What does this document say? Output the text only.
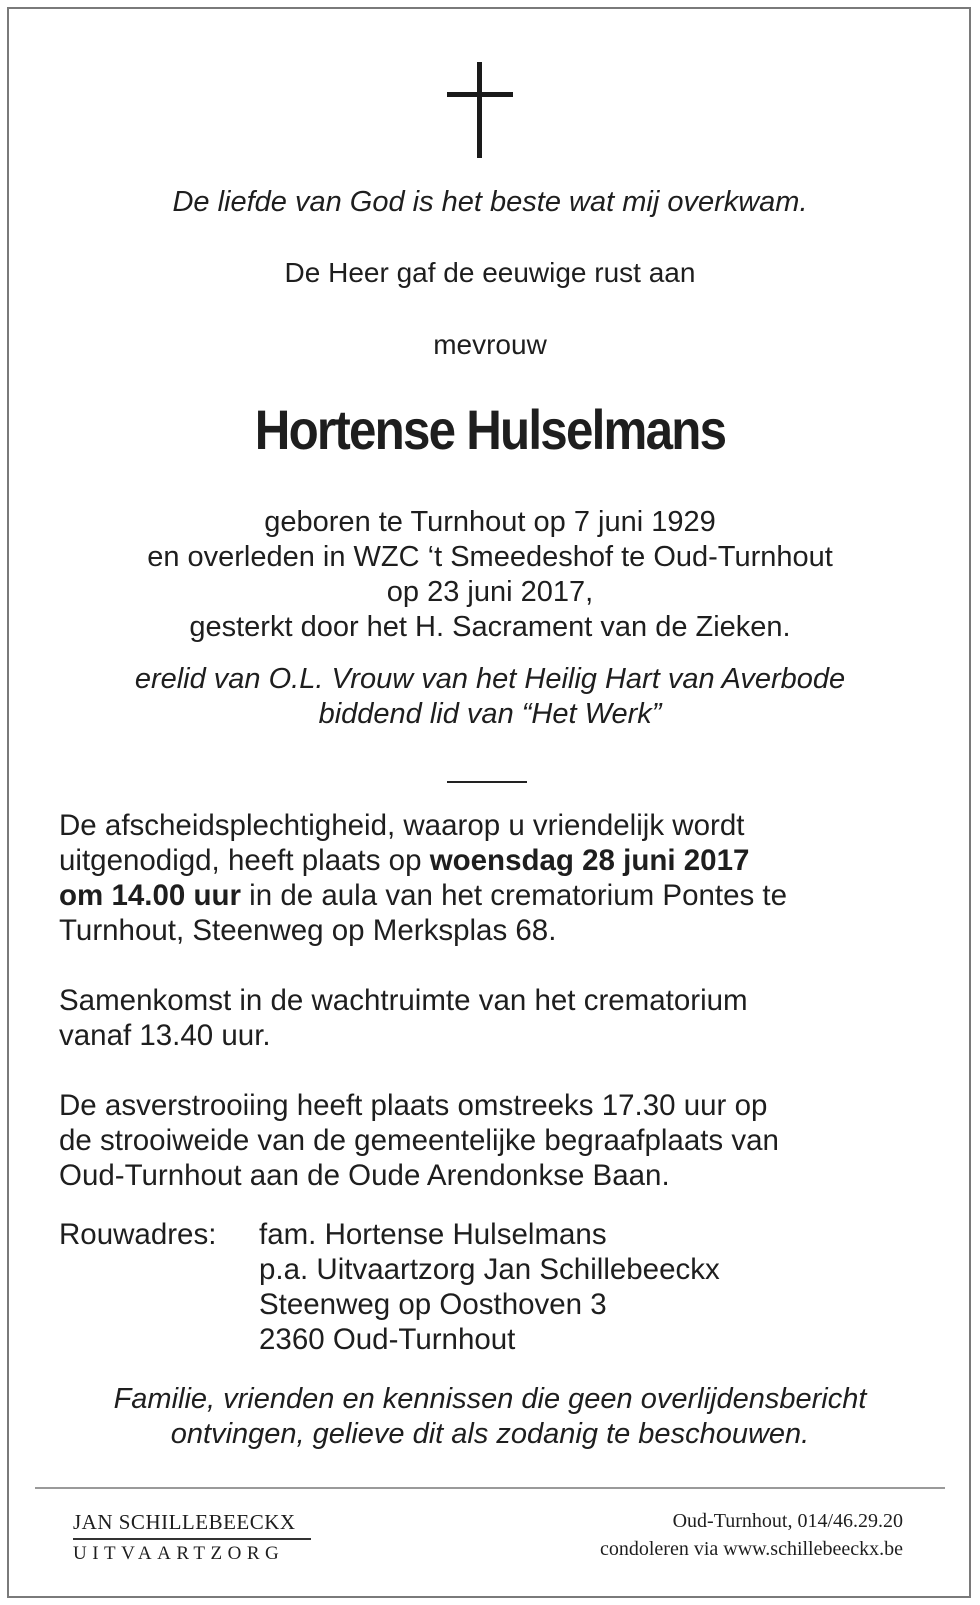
De liefde van God is het beste wat mij overkwam.

De Heer gaf de eeuwige rust aan

mevrouw

Hortense Hulselmans

geboren te Turnhout op 7 juni 1929
en overleden in WZC ‘t Smeedeshof te Oud-Turnhout
op 23 juni 2017,
gesterkt door het H. Sacrament van de Zieken.
erelid van O.L. Vrouw van het Heilig Hart van Averbode
biddend lid van “Het Werk”
De afscheidsplechtigheid, waarop u vriendelijk wordt
uitgenodigd, heeft plaats op woensdag 28 juni 2017
om 14.00 uur in de aula van het crematorium Pontes te
Turnhout, Steenweg op Merksplas 68.
Samenkomst in de wachtruimte van het crematorium
vanaf 13.40 uur.
De asverstrooiing heeft plaats omstreeks 17.30 uur op
de strooiweide van de gemeentelijke begraafplaats van
Oud-Turnhout aan de Oude Arendonkse Baan.
Rouwadres: fam. Hortense Hulselmans
p.a. Uitvaartzorg Jan Schillebeeckx
Steenweg op Oosthoven 3
2360 Oud-Turnhout
Familie, vrienden en kennissen die geen overlijdensbericht
ontvingen, gelieve dit als zodanig te beschouwen.
JAN SCHILLEBEECKX
UITVAARTZORG
Oud-Turnhout, 014/46.29.20
condoleren via www.schillebeeckx.be
